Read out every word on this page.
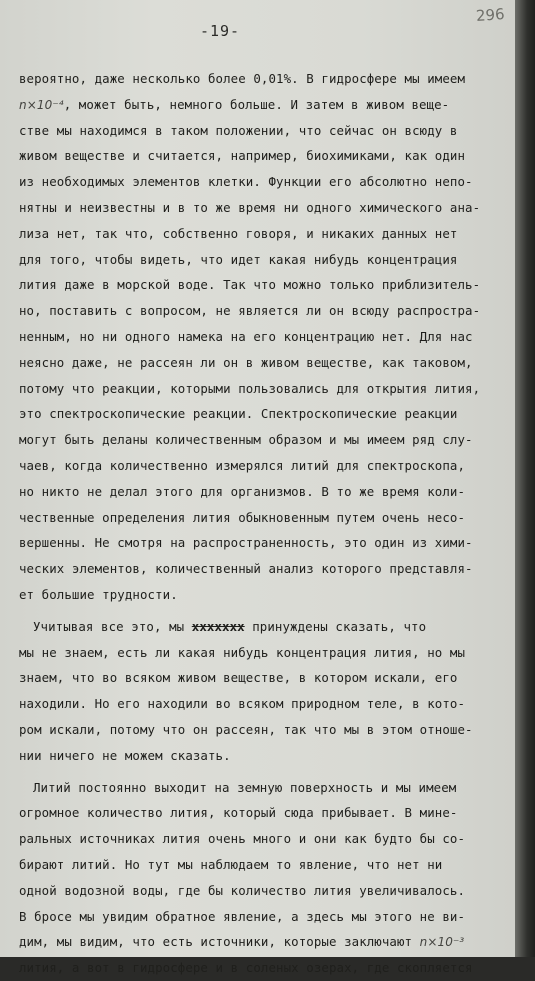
-19-
296
вероятно, даже несколько более 0,01%. В гидросфере мы имеем
n×10⁻⁴, может быть, немного больше. И затем в живом веще-
стве мы находимся в таком положении, что сейчас он всюду в
живом веществе и считается, например, биохимиками, как один
из необходимых элементов клетки. Функции его абсолютно непо-
нятны и неизвестны и в то же время ни одного химического ана-
лиза нет, так что, собственно говоря, и никаких данных нет
для того, чтобы видеть, что идет какая нибудь концентрация
лития даже в морской воде. Так что можно только приблизитель-
но, поставить с вопросом, не является ли он всюду распростра-
ненным, но ни одного намека на его концентрацию нет. Для нас
неясно даже, не рассеян ли он в живом веществе, как таковом,
потому что реакции, которыми пользовались для открытия лития,
это спектроскопические реакции. Спектроскопические реакции
могут быть деланы количественным образом и мы имеем ряд слу-
чаев, когда количественно измерялся литий для спектроскопа,
но никто не делал этого для организмов. В то же время коли-
чественные определения лития обыкновенным путем очень несо-
вершенны. Не смотря на распространенность, это один из хими-
ческих элементов, количественный анализ которого представля-
ет большие трудности.
Учитывая все это, мы ххххххх принуждены сказать, что
мы не знаем, есть ли какая нибудь концентрация лития, но мы
знаем, что во всяком живом веществе, в котором искали, его
находили. Но его находили во всяком природном теле, в кото-
ром искали, потому что он рассеян, так что мы в этом отноше-
нии ничего не можем сказать.
Литий постоянно выходит на земную поверхность и мы имеем
огромное количество лития, который сюда прибывает. В мине-
ральных источниках лития очень много и они как будто бы со-
бирают литий. Но тут мы наблюдаем то явление, что нет ни
одной водозной воды, где бы количество лития увеличивалось.
В бросе мы увидим обратное явление, а здесь мы этого не ви-
дим, мы видим, что есть источники, которые заключают n×10⁻³
лития, а вот в гидросфере и в соленых озерах, где скопляется
